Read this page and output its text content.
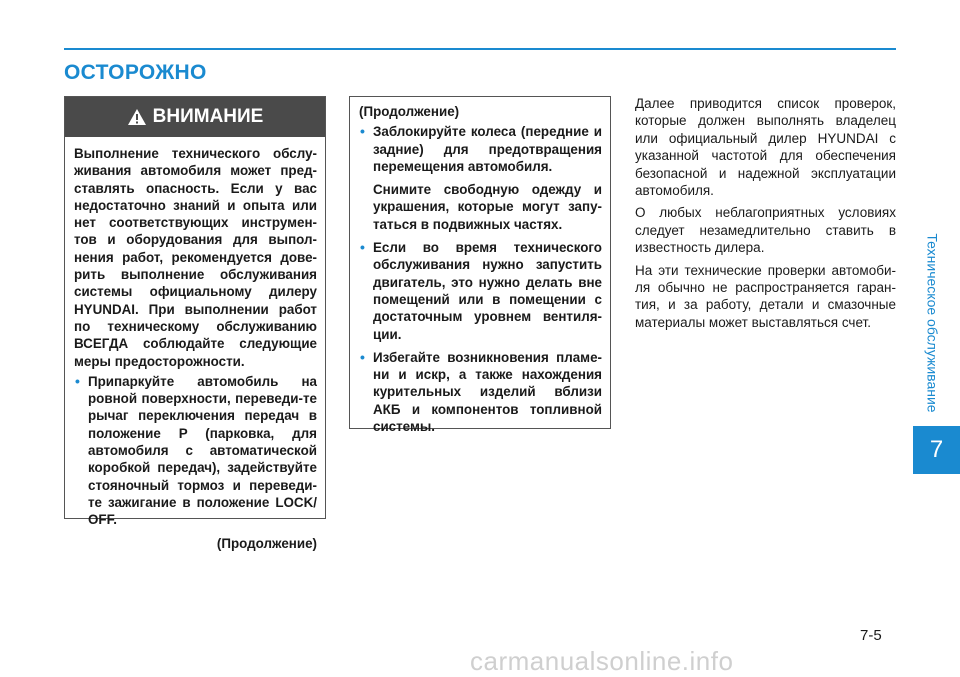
ОСТОРОЖНО
ВНИМАНИЕ

Выполнение технического обслу-живания автомобиля может пред-ставлять опасность. Если у вас недостаточно знаний и опыта или нет соответствующих инструмен-тов и оборудования для выпол-нения работ, рекомендуется дове-рить выполнение обслуживания системы официальному дилеру HYUNDAI. При выполнении работ по техническому обслуживанию ВСЕГДА соблюдайте следующие меры предосторожности.

• Припаркуйте автомобиль на ровной поверхности, переведи-те рычаг переключения передач в положение P (парковка, для автомобиля с автоматической коробкой передач), задействуйте стояночный тормоз и переведи-те зажигание в положение LOCK/ OFF.
(Продолжение)

(Продолжение)

• Заблокируйте колеса (передние и задние) для предотвращения перемещения автомобиля.
Снимите свободную одежду и украшения, которые могут запу-таться в подвижных частях.
• Если во время технического обслуживания нужно запустить двигатель, это нужно делать вне помещений или в помещении с достаточным уровнем вентиля-ции.
• Избегайте возникновения пламе-ни и искр, а также нахождения курительных изделий вблизи АКБ и компонентов топливной системы.

Далее приводится список проверок, которые должен выполнять владелец или официальный дилер HYUNDAI с указанной частотой для обеспечения безопасной и надежной эксплуатации автомобиля.

О любых неблагоприятных условиях следует незамедлительно ставить в известность дилера.

На эти технические проверки автомоби-ля обычно не распространяется гаран-тия, и за работу, детали и смазочные материалы может выставляться счет.	Техническое обслуживание
7
7-5
carmanualsonline.info
